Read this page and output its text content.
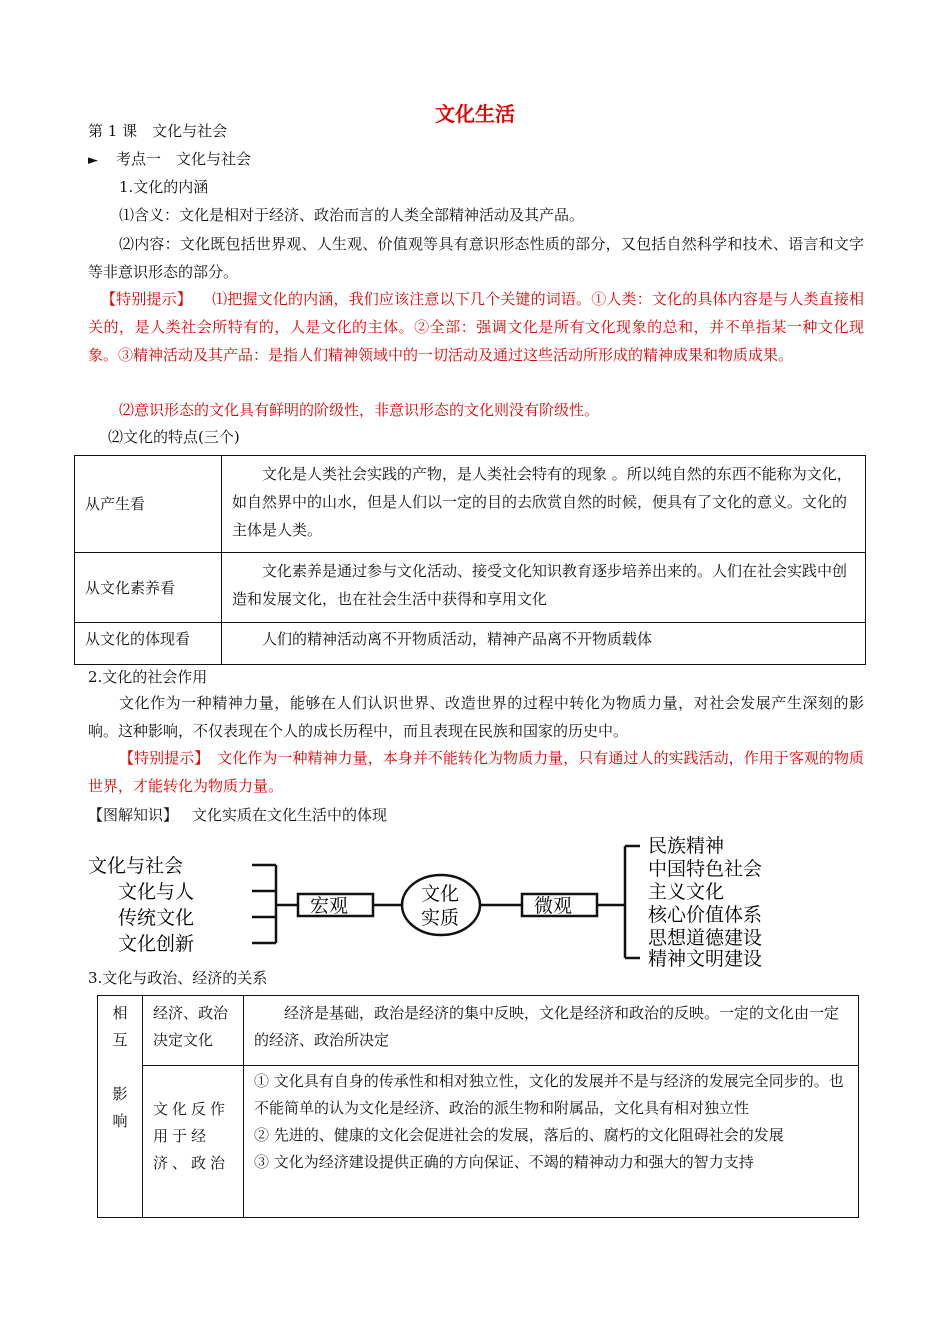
文化生活
第 1 课　文化与社会
► 考点一　文化与社会
1.文化的内涵
⑴含义：文化是相对于经济、政治而言的人类全部精神活动及其产品。
⑵内容：文化既包括世界观、人生观、价值观等具有意识形态性质的部分，又包括自然科学和技术、语言和文字等非意识形态的部分。
【特别提示】 ⑴把握文化的内涵，我们应该注意以下几个关键的词语。①人类：文化的具体内容是与人类直接相关的，是人类社会所特有的，人是文化的主体。②全部：强调文化是所有文化现象的总和，并不单指某一种文化现象。③精神活动及其产品：是指人们精神领域中的一切活动及通过这些活动所形成的精神成果和物质成果。
⑵意识形态的文化具有鲜明的阶级性，非意识形态的文化则没有阶级性。
⑵文化的特点(三个)
从产生看	文化是人类社会实践的产物，是人类社会特有的现象 。所以纯自然的东西不能称为文化，如自然界中的山水，但是人们以一定的目的去欣赏自然的时候，便具有了文化的意义。文化的主体是人类。
从文化素养看	文化素养是通过参与文化活动、接受文化知识教育逐步培养出来的。人们在社会实践中创造和发展文化，也在社会生活中获得和享用文化
从文化的体现看	人们的精神活动离不开物质活动，精神产品离不开物质载体
2.文化的社会作用
文化作为一种精神力量，能够在人们认识世界、改造世界的过程中转化为物质力量，对社会发展产生深刻的影响。这种影响，不仅表现在个人的成长历程中，而且表现在民族和国家的历史中。
【特别提示】 文化作为一种精神力量，本身并不能转化为物质力量，只有通过人的实践活动，作用于客观的物质世界，才能转化为物质力量。
【图解知识】 文化实质在文化生活中的体现
文化与社会
文化与人
传统文化
文化创新
宏观
文化
实质
微观
民族精神
中国特色社会
主义文化
核心价值体系
思想道德建设
精神文明建设
3.文化与政治、经济的关系
相
互
影
响	经济、政治决定文化	经济是基础，政治是经济的集中反映，文化是经济和政治的反映。一定的文化由一定的经济、政治所决定
	文化反作用于经济、政治	① 文化具有自身的传承性和相对独立性，文化的发展并不是与经济的发展完全同步的。也不能简单的认为文化是经济、政治的派生物和附属品，文化具有相对独立性
② 先进的、健康的文化会促进社会的发展，落后的、腐朽的文化阻碍社会的发展
③ 文化为经济建设提供正确的方向保证、不竭的精神动力和强大的智力支持
